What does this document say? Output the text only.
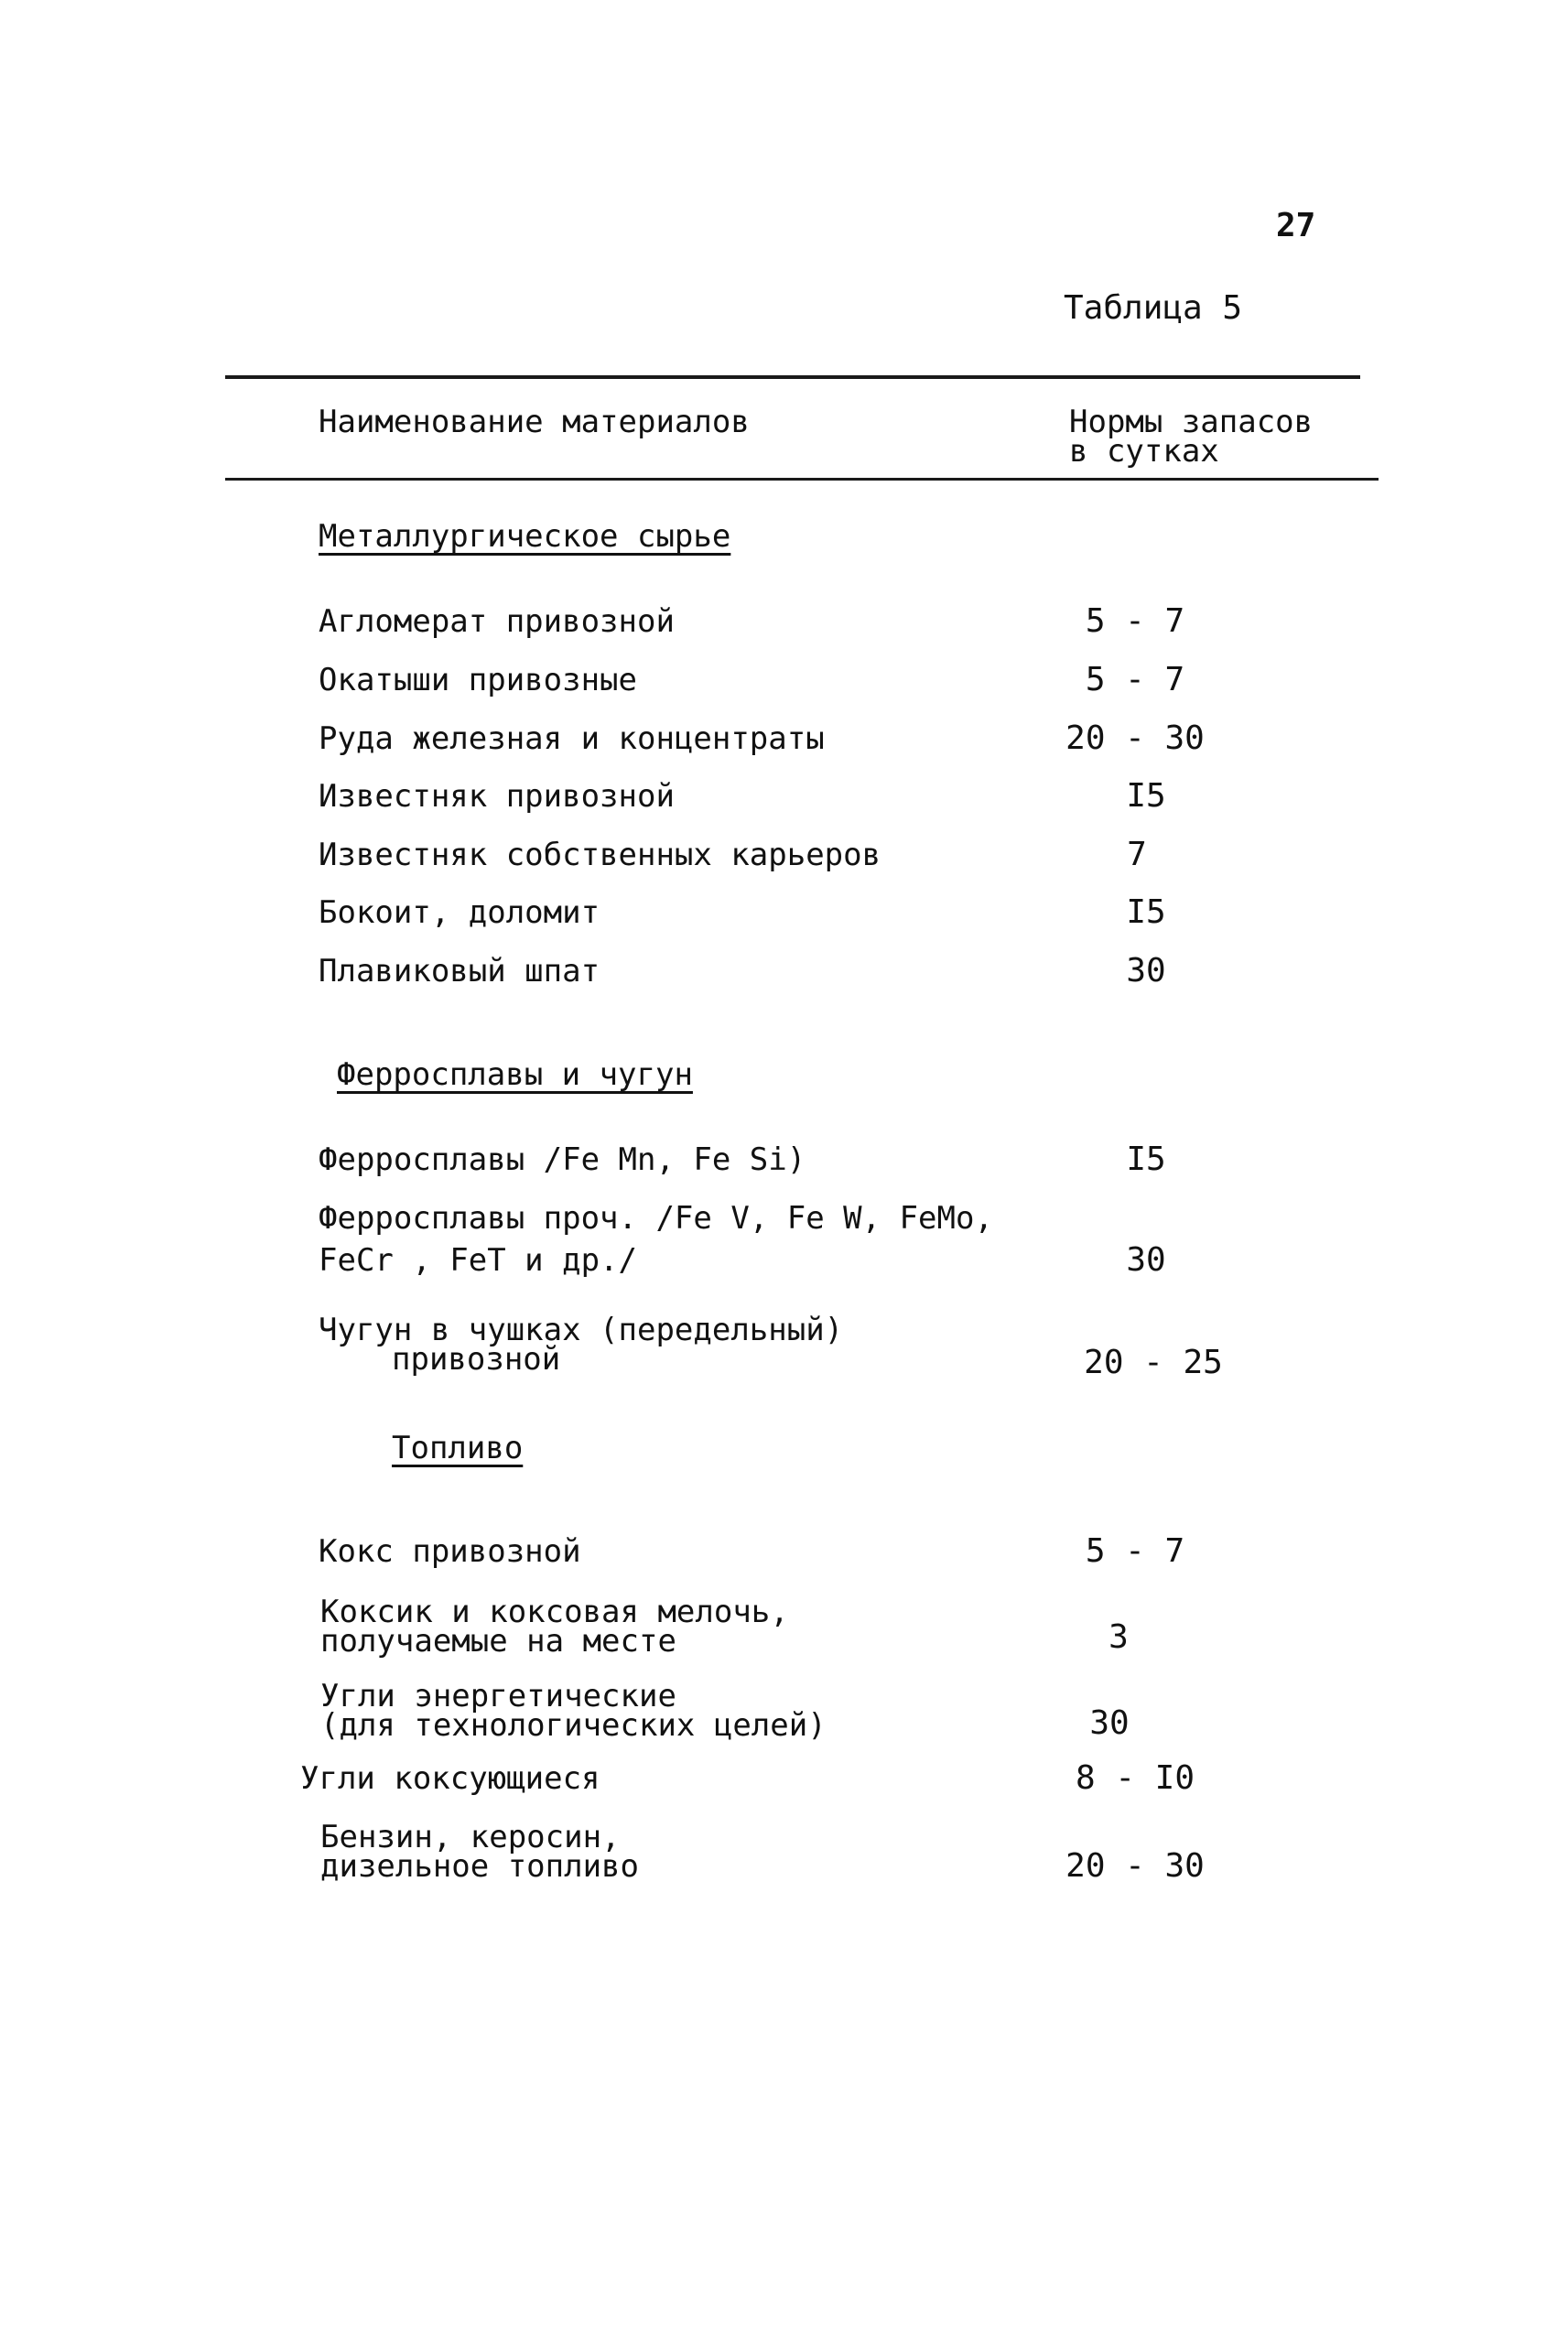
27
Таблица 5
Наименование материалов	Нормы запасов
в сутках
Металлургическое сырье
Агломерат привозной	5 - 7
Окатыши привозные	5 - 7
Руда железная и концентраты	20 - 30
Известняк привозной	I5
Известняк собственных карьеров	7
Бокоит, доломит	I5
Плавиковый шпат	30
Ферросплавы и чугун
Ферросплавы /Fe Mn, Fe Si)	I5
Ферросплавы проч. /Fe V, Fe W, FeMo,
FeCr , FeT и др./	30
Чугун в чушках (передельный)
привозной	20 - 25
Топливо
Кокс привозной	5 - 7
Коксик и коксовая мелочь,
получаемые на месте	3
Угли энергетические
(для технологических целей)	30
Угли коксующиеся	8 - I0
Бензин, керосин,
дизельное топливо	20 - 30
